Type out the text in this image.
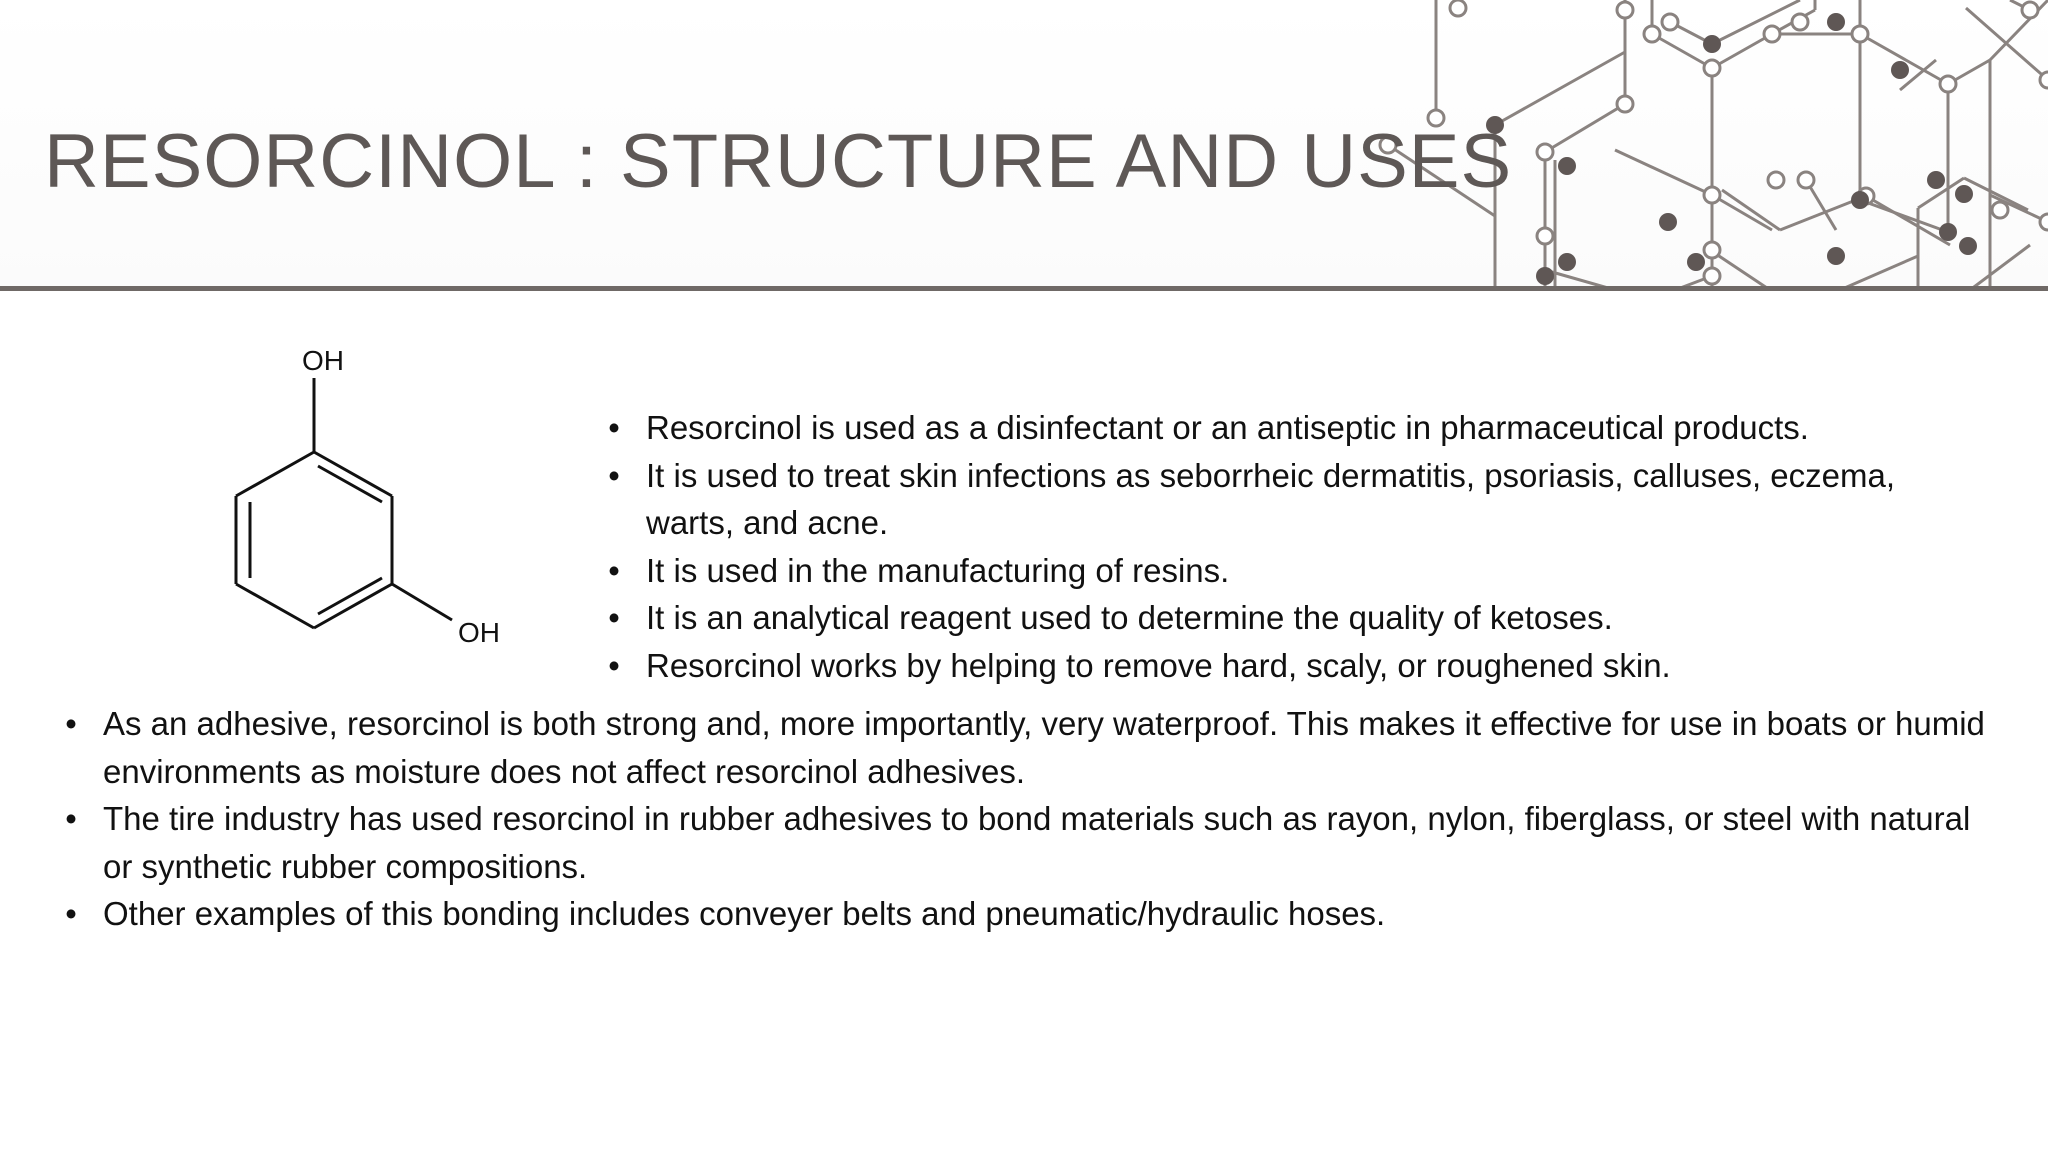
RESORCINOL : STRUCTURE AND USES
OH
OH
• Resorcinol is used as a disinfectant or an antiseptic in pharmaceutical products.
• It is used to treat skin infections as seborrheic dermatitis, psoriasis, calluses, eczema, warts, and acne.
• It is used in the manufacturing of resins.
• It is an analytical reagent used to determine the quality of ketoses.
• Resorcinol works by helping to remove hard, scaly, or roughened skin.
• As an adhesive, resorcinol is both strong and, more importantly, very waterproof. This makes it effective for use in boats or humid environments as moisture does not affect resorcinol adhesives.
• The tire industry has used resorcinol in rubber adhesives to bond materials such as rayon, nylon, fiberglass, or steel with natural or synthetic rubber compositions.
• Other examples of this bonding includes conveyer belts and pneumatic/hydraulic hoses.
